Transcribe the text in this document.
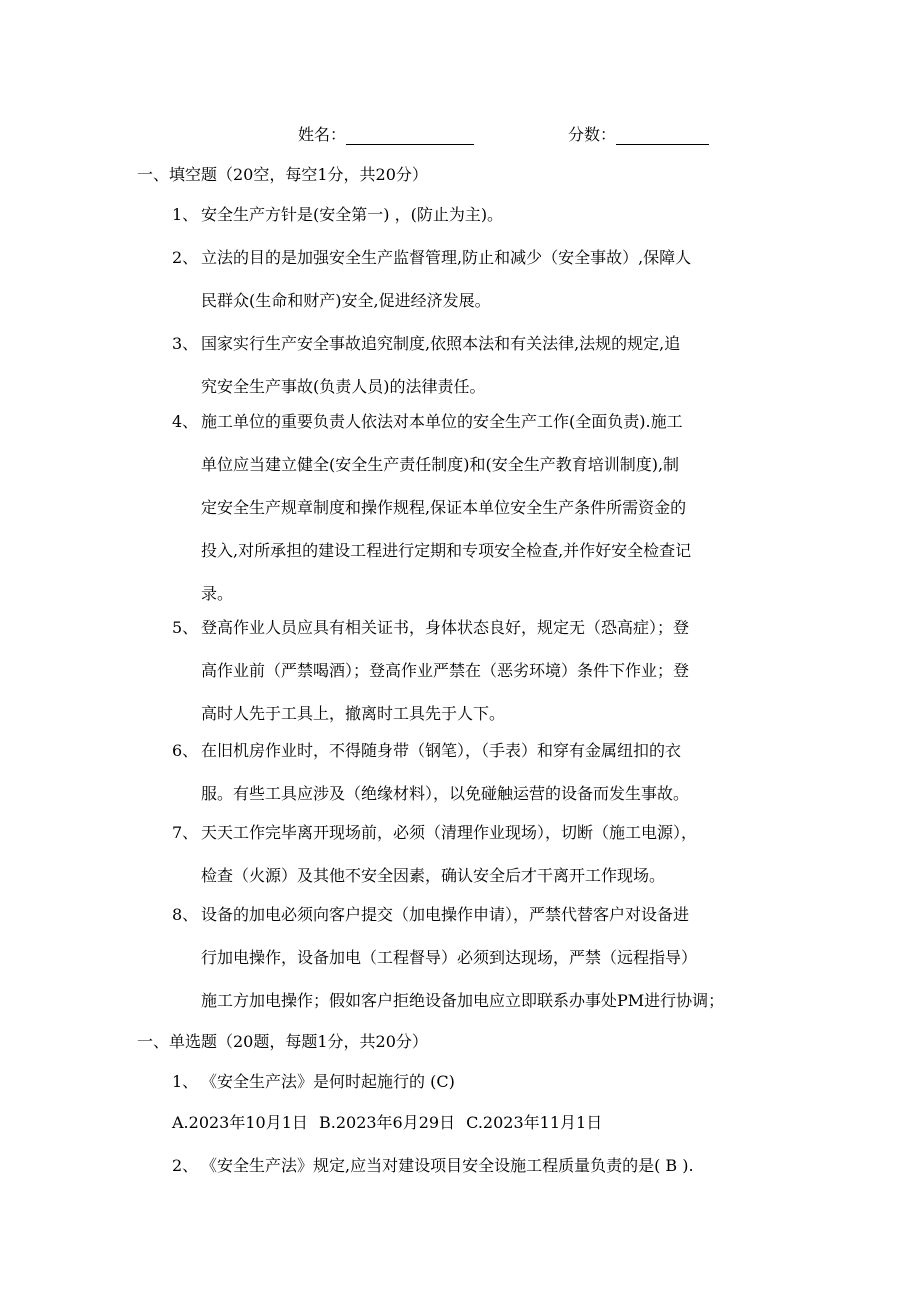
姓名：	分数：
一、填空题（20空，每空1分，共20分）
1、 安全生产方针是(安全第一) ，(防止为主)。
2、 立法的目的是加强安全生产监督管理,防止和减少（安全事故）,保障人
民群众(生命和财产)安全,促进经济发展。
3、 国家实行生产安全事故追究制度,依照本法和有关法律,法规的规定,追
究安全生产事故(负责人员)的法律责任。
4、 施工单位的重要负责人依法对本单位的安全生产工作(全面负责).施工
单位应当建立健全(安全生产责任制度)和(安全生产教育培训制度),制
定安全生产规章制度和操作规程,保证本单位安全生产条件所需资金的
投入,对所承担的建设工程进行定期和专项安全检查,并作好安全检查记
录。
5、 登高作业人员应具有相关证书，身体状态良好，规定无（恐高症）；登
高作业前（严禁喝酒）；登高作业严禁在（恶劣环境）条件下作业；登
高时人先于工具上，撤离时工具先于人下。
6、 在旧机房作业时，不得随身带（钢笔），（手表）和穿有金属纽扣的衣
服。有些工具应涉及（绝缘材料），以免碰触运营的设备而发生事故。
7、 天天工作完毕离开现场前，必须（清理作业现场），切断（施工电源），
检查（火源）及其他不安全因素，确认安全后才干离开工作现场。
8、 设备的加电必须向客户提交（加电操作申请），严禁代替客户对设备进
行加电操作，设备加电（工程督导）必须到达现场，严禁（远程指导）
施工方加电操作；假如客户拒绝设备加电应立即联系办事处PM进行协调；
一、单选题（20题，每题1分，共20分）
1、 《安全生产法》是何时起施行的 (C)
A.2023年10月1日 B.2023年6月29日 C.2023年11月1日
2、 《安全生产法》规定,应当对建设项目安全设施工程质量负责的是( B ).
